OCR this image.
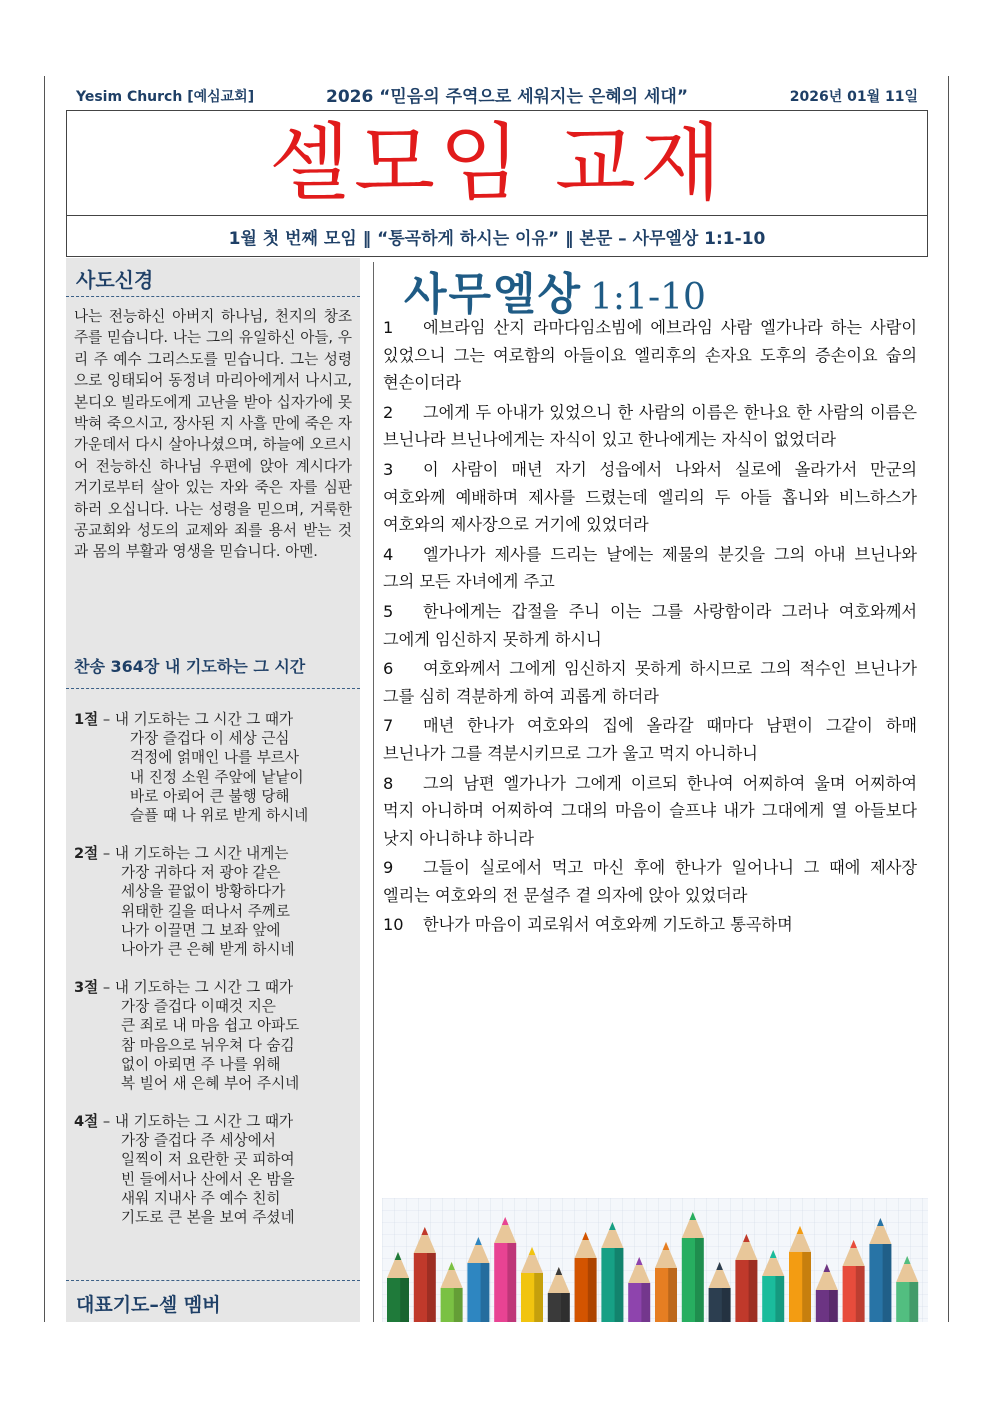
Yesim Church [예심교회]	2026 “믿음의 주역으로 세워지는 은혜의 세대”	2026년 01월 11일
셀모임 교재
1월 첫 번째 모임 ‖ “통곡하게 하시는 이유” ‖ 본문 – 사무엘상 1:1-10
사도신경
나는 전능하신 아버지 하나님, 천지의 창조주를 믿습니다. 나는 그의 유일하신 아들, 우리 주 예수 그리스도를 믿습니다. 그는 성령으로 잉태되어 동정녀 마리아에게서 나시고, 본디오 빌라도에게 고난을 받아 십자가에 못 박혀 죽으시고, 장사된 지 사흘 만에 죽은 자 가운데서 다시 살아나셨으며, 하늘에 오르시어 전능하신 하나님 우편에 앉아 계시다가 거기로부터 살아 있는 자와 죽은 자를 심판하러 오십니다. 나는 성령을 믿으며, 거룩한 공교회와 성도의 교제와 죄를 용서 받는 것과 몸의 부활과 영생을 믿습니다. 아멘.
찬송 364장 내 기도하는 그 시간
1절 – 내 기도하는 그 시간 그 때가
가장 즐겁다 이 세상 근심
걱정에 얽매인 나를 부르사
내 진정 소원 주앞에 낱낱이
바로 아뢰어 큰 불행 당해
슬플 때 나 위로 받게 하시네
2절 – 내 기도하는 그 시간 내게는
가장 귀하다 저 광야 같은
세상을 끝없이 방황하다가
위태한 길을 떠나서 주께로
나가 이끌면 그 보좌 앞에
나아가 큰 은혜 받게 하시네
3절 – 내 기도하는 그 시간 그 때가
가장 즐겁다 이때것 지은
큰 죄로 내 마음 쉽고 아파도
참 마음으로 뉘우쳐 다 숨김
없이 아뢰면 주 나를 위해
복 빌어 새 은혜 부어 주시네
4절 – 내 기도하는 그 시간 그 때가
가장 즐겁다 주 세상에서
일찍이 저 요란한 곳 피하여
빈 들에서나 산에서 온 밤을
새워 지내사 주 예수 친히
기도로 큰 본을 보여 주셨네
대표기도–셀 멤버
사무엘상 1:1-10

1 에브라임 산지 라마다임소빔에 에브라임 사람 엘가나라 하는 사람이 있었으니 그는 여로함의 아들이요 엘리후의 손자요 도후의 증손이요 숩의 현손이더라

2 그에게 두 아내가 있었으니 한 사람의 이름은 한나요 한 사람의 이름은 브닌나라 브닌나에게는 자식이 있고 한나에게는 자식이 없었더라

3 이 사람이 매년 자기 성읍에서 나와서 실로에 올라가서 만군의 여호와께 예배하며 제사를 드렸는데 엘리의 두 아들 홉니와 비느하스가 여호와의 제사장으로 거기에 있었더라

4 엘가나가 제사를 드리는 날에는 제물의 분깃을 그의 아내 브닌나와 그의 모든 자녀에게 주고

5 한나에게는 갑절을 주니 이는 그를 사랑함이라 그러나 여호와께서 그에게 임신하지 못하게 하시니

6 여호와께서 그에게 임신하지 못하게 하시므로 그의 적수인 브닌나가 그를 심히 격분하게 하여 괴롭게 하더라

7 매년 한나가 여호와의 집에 올라갈 때마다 남편이 그같이 하매 브닌나가 그를 격분시키므로 그가 울고 먹지 아니하니

8 그의 남편 엘가나가 그에게 이르되 한나여 어찌하여 울며 어찌하여 먹지 아니하며 어찌하여 그대의 마음이 슬프냐 내가 그대에게 열 아들보다 낫지 아니하냐 하니라

9 그들이 실로에서 먹고 마신 후에 한나가 일어나니 그 때에 제사장 엘리는 여호와의 전 문설주 곁 의자에 앉아 있었더라

10 한나가 마음이 괴로워서 여호와께 기도하고 통곡하며
